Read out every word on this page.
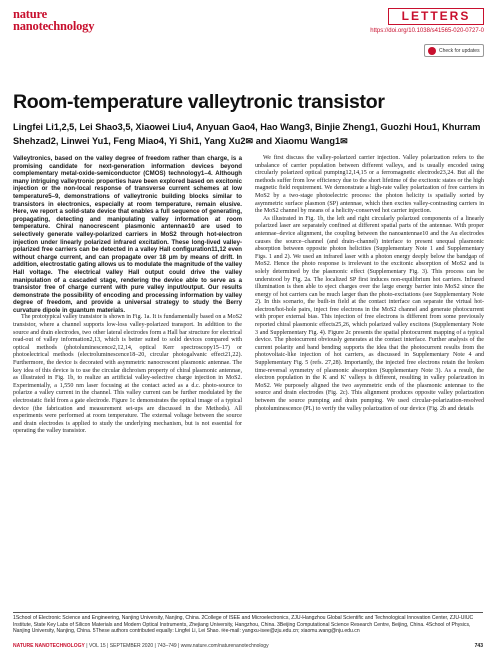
nature
nanotechnology
LETTERS
https://doi.org/10.1038/s41565-020-0727-0
Check for updates
Room-temperature valleytronic transistor
Lingfei Li1,2,5, Lei Shao3,5, Xiaowei Liu4, Anyuan Gao4, Hao Wang3, Binjie Zheng1, Guozhi Hou1, Khurram Shehzad2, Linwei Yu1, Feng Miao4, Yi Shi1, Yang Xu2✉ and Xiaomu Wang1✉

Valleytronics, based on the valley degree of freedom rather than charge, is a promising candidate for next-generation information devices beyond complementary metal-oxide-semiconductor (CMOS) technology1–4. Although many intriguing valleytronic properties have been explored based on excitonic injection or the non-local response of transverse current schemes at low temperature5–9, demonstrations of valleytronic building blocks similar to transistors in electronics, especially at room temperature, remain elusive. Here, we report a solid-state device that enables a full sequence of generating, propagating, detecting and manipulating valley information at room temperature. Chiral nanocrescent plasmonic antennae10 are used to selectively generate valley-polarized carriers in MoS2 through hot-electron injection under linearly polarized infrared excitation. These long-lived valley-polarized free carriers can be detected in a valley Hall configuration11,12 even without charge current, and can propagate over 18 μm by means of drift. In addition, electrostatic gating allows us to modulate the magnitude of the valley Hall voltage. The electrical valley Hall output could drive the valley manipulation of a cascaded stage, rendering the device able to serve as a transistor free of charge current with pure valley input/output. Our results demonstrate the possibility of encoding and processing information by valley degree of freedom, and provide a universal strategy to study the Berry curvature dipole in quantum materials.

The prototypical valley transistor is shown in Fig. 1a. It is fundamentally based on a MoS2 transistor, where a channel supports low-loss valley-polarized transport. In addition to the source and drain electrodes, two other lateral electrodes form a Hall bar structure for electrical read-out of valley information2,13, which is better suited to solid devices compared with optical methods (photoluminescence2,12,14, optical Kerr spectroscopy15–17) or photoelectrical methods (electroluminescence18–20, circular photogalvanic effect21,22). Furthermore, the device is decorated with asymmetric nanocrescent plasmonic antennae. The key idea of this device is to use the circular dichroism property of chiral plasmonic antennae, as illustrated in Fig. 1b, to realize an artificial valley-selective charge injection in MoS2. Experimentally, a 1,550 nm laser focusing at the contact acted as a d.c. photo-source to polarize a valley current in the channel. This valley current can be further modulated by the electrostatic field from a gate electrode. Figure 1c demonstrates the optical image of a typical device (the fabrication and measurement set-ups are discussed in the Methods). All experiments were performed at room temperature. The external voltage between the source and drain electrodes is applied to study the underlying mechanism, but is not essential for operating the valley transistor.

We first discuss the valley-polarized carrier injection. Valley polarization refers to the unbalance of carrier population between different valleys, and is usually encoded using circularly polarized optical pumping12,14,15 or a ferromagnetic electrode23,24. But all the methods suffer from low efficiency due to the short lifetime of the excitonic states or the high magnetic field requirement. We demonstrate a high-rate valley polarization of free carriers in MoS2 by a two-stage photoelectric process: the photon helicity is spatially sorted by asymmetric surface plasmon (SP) antennae, which then excites valley-contrasting carriers in the MoS2 channel by means of a helicity-conserved hot carrier injection.

As illustrated in Fig. 1b, the left and right circularly polarized components of a linearly polarized laser are separately confined at different spatial parts of the antennae. With proper antennae–device alignment, the coupling between the nanoantennae10 and the Au electrodes causes the source–channel (and drain–channel) interface to present unequal plasmonic absorption between opposite photon helicities (Supplementary Note 1 and Supplementary Figs. 1 and 2). We used an infrared laser with a photon energy deeply below the bandgap of MoS2. Hence the photo response is irrelevant to the excitonic absorption of MoS2 and is solely determined by the plasmonic effect (Supplementary Fig. 3). This process can be understood by Fig. 2a. The localized SP first induces non-equilibrium hot carriers. Infrared illumination is then able to eject charges over the large energy barrier into MoS2 since the energy of hot carriers can be much larger than the photo-excitations (see Supplementary Note 2). In this scenario, the built-in field at the contact interface can separate the virtual hot-electron/hot-hole pairs, inject free electrons in the MoS2 channel and generate photocurrent with proper external bias. This injection of free electrons is different from some previously reported chiral plasmonic effects25,26, which polarized valley excitons (Supplementary Note 3 and Supplementary Fig. 4). Figure 2c presents the spatial photocurrent mapping of a typical device. The photocurrent obviously generates at the contact interface. Further analysis of the current polarity and band bending supports the idea that the photocurrent results from the photovoltaic-like injection of hot carriers, as discussed in Supplementary Note 4 and Supplementary Fig. 5 (refs. 27,28). Importantly, the injected free electrons retain the broken time-reversal symmetry of plasmonic absorption (Supplementary Note 3). As a result, the electron population in the K and K′ valleys is different, resulting in valley polarization in MoS2. We purposely aligned the two asymmetric ends of the plasmonic antennae to the source and drain electrodes (Fig. 2c). This alignment produces opposite valley polarization between the source pumping and drain pumping. We used circular-polarization-resolved photoluminescence (PL) to verify the valley polarization of our device (Fig. 2b and details

1School of Electronic Science and Engineering, Nanjing University, Nanjing, China. 2College of ISEE and Microelectronics, ZJU-Hangzhou Global Scientific and Technological Innovation Center, ZJU-UIUC Institute, State Key Labs of Silicon Materials and Modern Optical Instruments, Zhejiang University, Hangzhou, China. 3Beijing Computational Science Research Centre, Beijing, China. 4School of Physics, Nanjing University, Nanjing, China. 5These authors contributed equally: Lingfei Li, Lei Shao. ✉e-mail: yangxu-isee@zju.edu.cn; xiaomu.wang@nju.edu.cn
NATURE NANOTECHNOLOGY | VOL 15 | SEPTEMBER 2020 | 743–749 | www.nature.com/naturenanotechnology	743
